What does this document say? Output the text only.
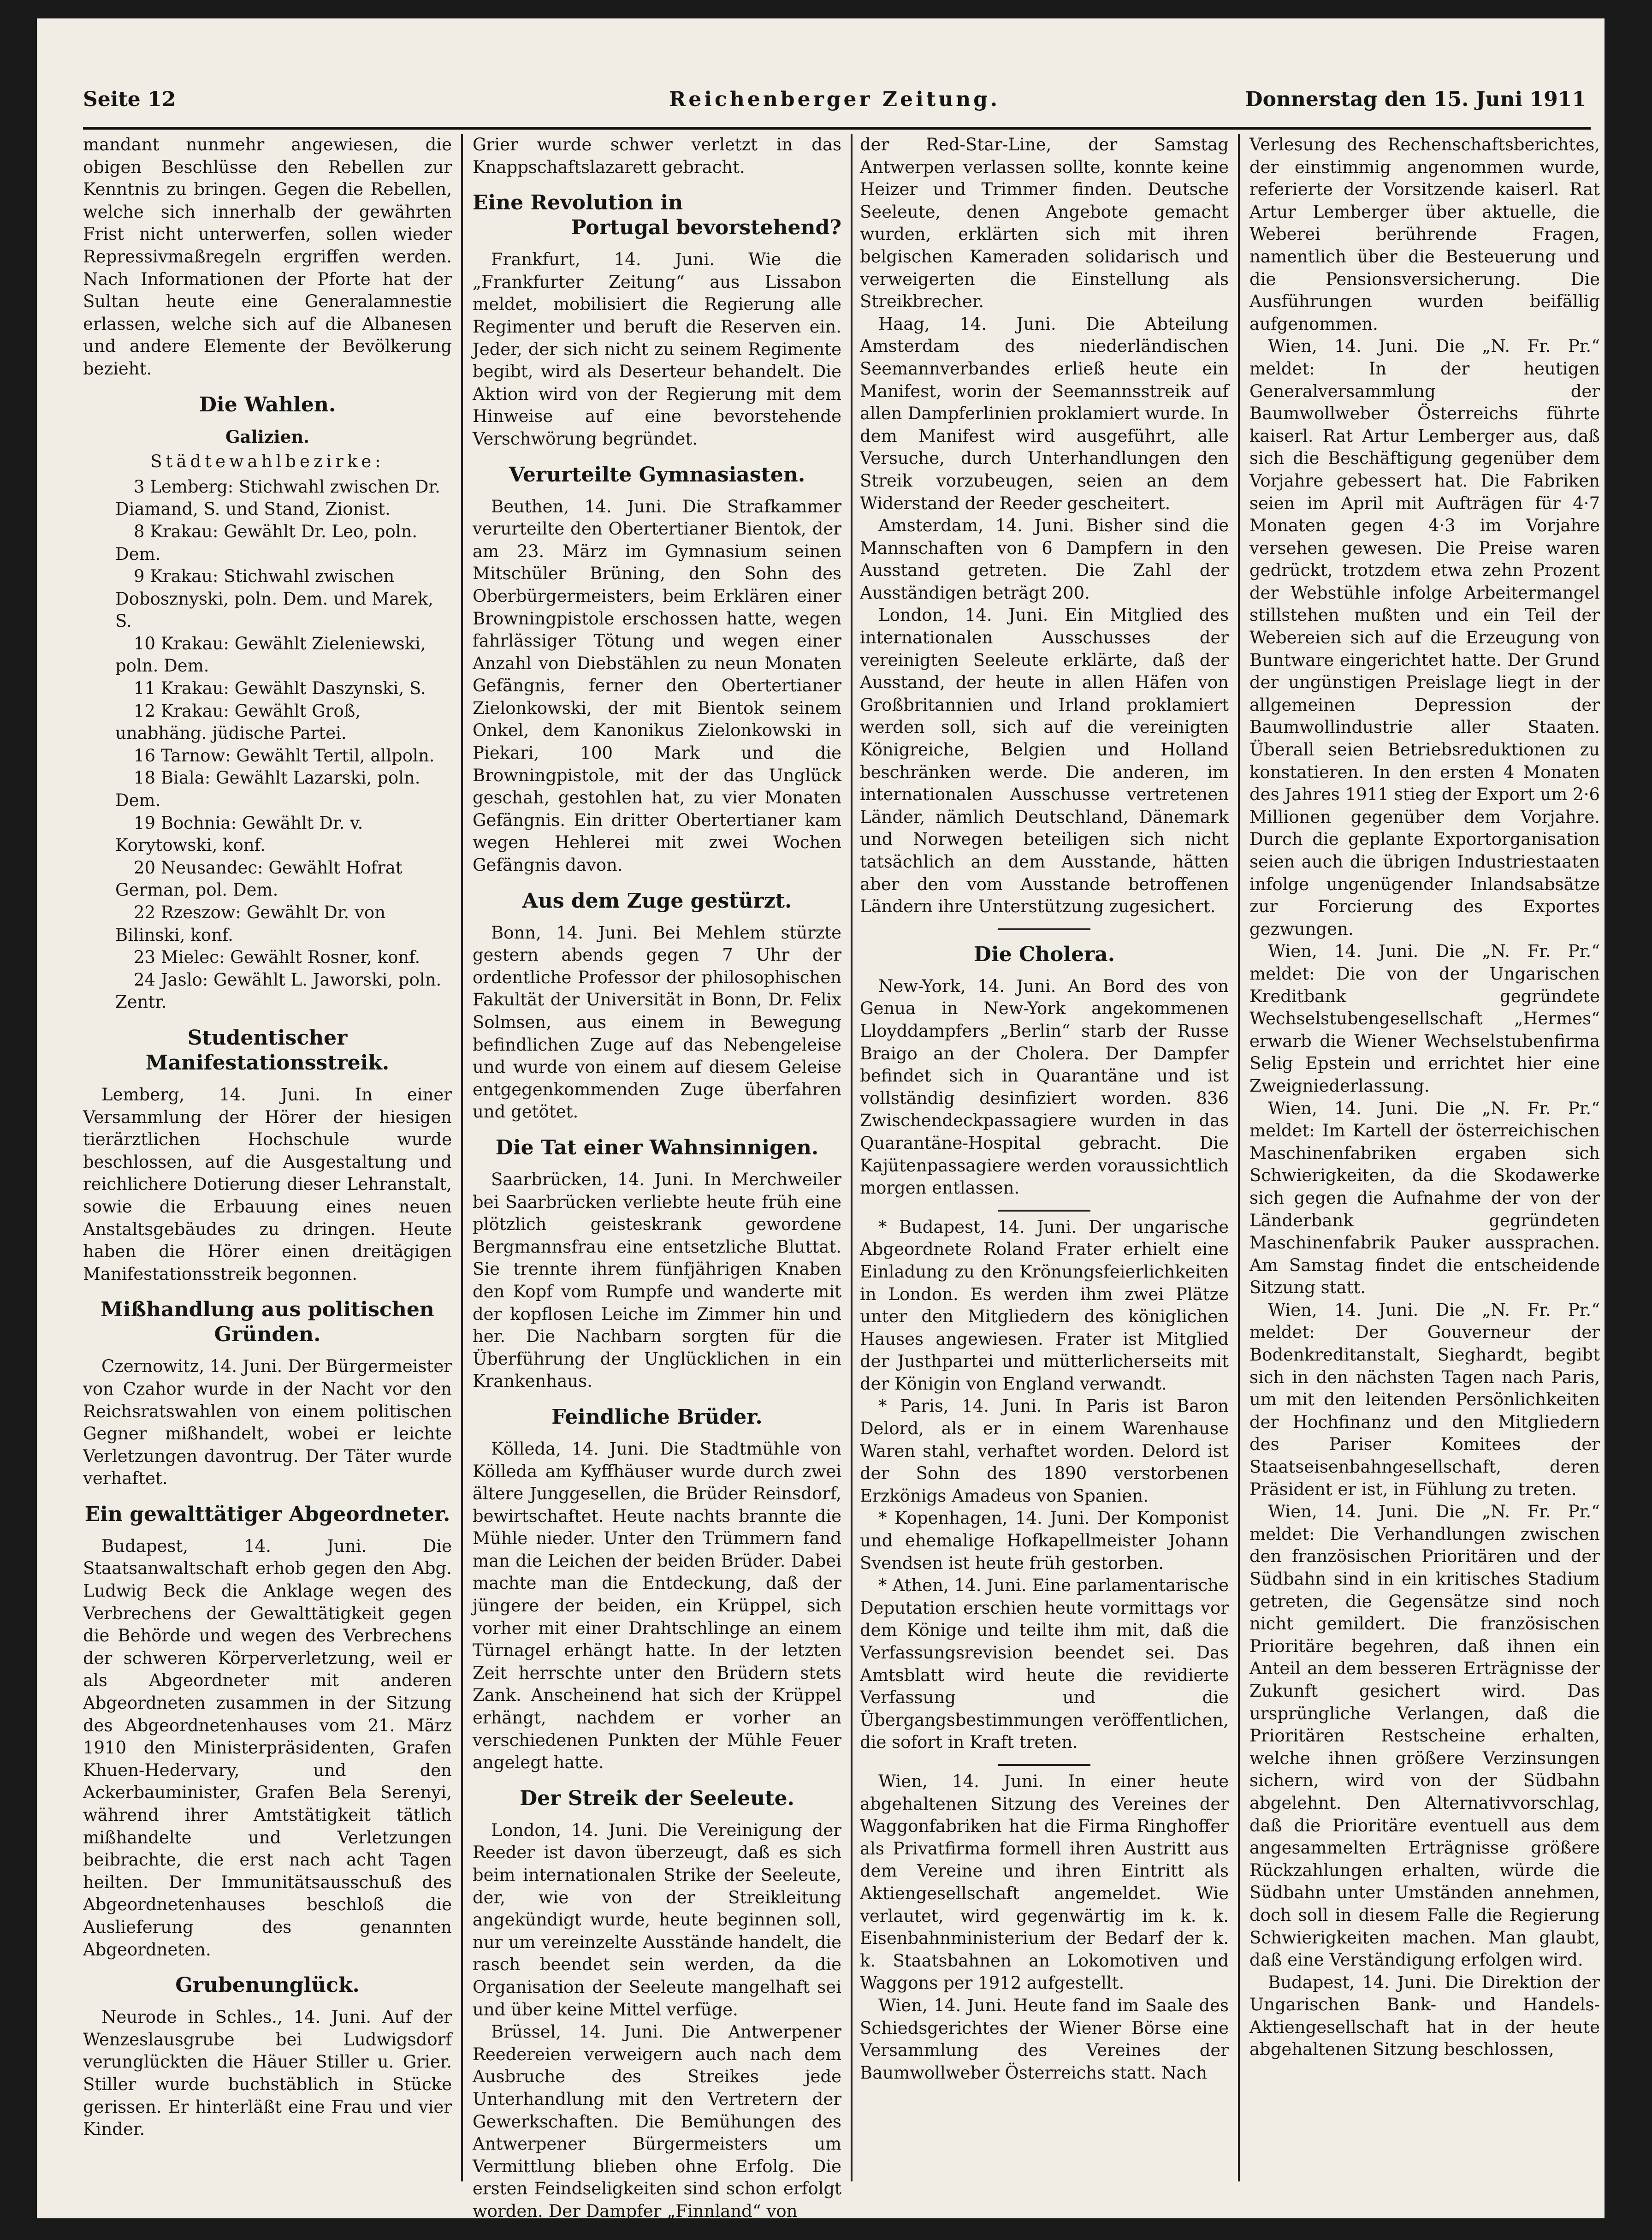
Seite 12	Reichenberger Zeitung.	Donnerstag den 15. Juni 1911

mandant nunmehr angewiesen, die obigen Beschlüsse den Rebellen zur Kenntnis zu bringen. Gegen die Rebellen, welche sich innerhalb der gewährten Frist nicht unterwerfen, sollen wieder Repressivmaßregeln ergriffen werden. Nach Informationen der Pforte hat der Sultan heute eine Generalamnestie erlassen, welche sich auf die Albanesen und andere Elemente der Bevölkerung bezieht.

Die Wahlen.
Galizien.
Städtewahlbezirke:

3 Lemberg: Stichwahl zwischen Dr. Diamand, S. und Stand, Zionist.

8 Krakau: Gewählt Dr. Leo, poln. Dem.

9 Krakau: Stichwahl zwischen Dobosznyski, poln. Dem. und Marek, S.

10 Krakau: Gewählt Zieleniewski, poln. Dem.

11 Krakau: Gewählt Daszynski, S.

12 Krakau: Gewählt Groß, unabhäng. jüdische Partei.

16 Tarnow: Gewählt Tertil, allpoln.

18 Biala: Gewählt Lazarski, poln. Dem.

19 Bochnia: Gewählt Dr. v. Korytowski, konf.

20 Neusandec: Gewählt Hofrat German, pol. Dem.

22 Rzeszow: Gewählt Dr. von Bilinski, konf.

23 Mielec: Gewählt Rosner, konf.

24 Jaslo: Gewählt L. Jaworski, poln. Zentr.

Studentischer Manifestationsstreik.

Lemberg, 14. Juni. In einer Versammlung der Hörer der hiesigen tierärztlichen Hochschule wurde beschlossen, auf die Ausgestaltung und reichlichere Dotierung dieser Lehranstalt, sowie die Erbauung eines neuen Anstaltsgebäudes zu dringen. Heute haben die Hörer einen dreitägigen Manifestationsstreik begonnen.

Mißhandlung aus politischen Gründen.

Czernowitz, 14. Juni. Der Bürgermeister von Czahor wurde in der Nacht vor den Reichsratswahlen von einem politischen Gegner mißhandelt, wobei er leichte Verletzungen davontrug. Der Täter wurde verhaftet.

Ein gewalttätiger Abgeordneter.

Budapest, 14. Juni. Die Staatsanwaltschaft erhob gegen den Abg. Ludwig Beck die Anklage wegen des Verbrechens der Gewalttätigkeit gegen die Behörde und wegen des Verbrechens der schweren Körperverletzung, weil er als Abgeordneter mit anderen Abgeordneten zusammen in der Sitzung des Abgeordnetenhauses vom 21. März 1910 den Ministerpräsidenten, Grafen Khuen-Hedervary, und den Ackerbauminister, Grafen Bela Serenyi, während ihrer Amtstätigkeit tätlich mißhandelte und Verletzungen beibrachte, die erst nach acht Tagen heilten. Der Immunitätsausschuß des Abgeordnetenhauses beschloß die Auslieferung des genannten Abgeordneten.

Grubenunglück.

Neurode in Schles., 14. Juni. Auf der Wenzeslausgrube bei Ludwigsdorf verunglückten die Häuer Stiller u. Grier. Stiller wurde buchstäblich in Stücke gerissen. Er hinterläßt eine Frau und vier Kinder.

Grier wurde schwer verletzt in das Knappschaftslazarett gebracht.

Eine Revolution in
Portugal bevorstehend?

Frankfurt, 14. Juni. Wie die „Frankfurter Zeitung“ aus Lissabon meldet, mobilisiert die Regierung alle Regimenter und beruft die Reserven ein. Jeder, der sich nicht zu seinem Regimente begibt, wird als Deserteur behandelt. Die Aktion wird von der Regierung mit dem Hinweise auf eine bevorstehende Verschwörung begründet.

Verurteilte Gymnasiasten.

Beuthen, 14. Juni. Die Strafkammer verurteilte den Obertertianer Bientok, der am 23. März im Gymnasium seinen Mitschüler Brüning, den Sohn des Oberbürgermeisters, beim Erklären einer Browningpistole erschossen hatte, wegen fahrlässiger Tötung und wegen einer Anzahl von Diebstählen zu neun Monaten Gefängnis, ferner den Obertertianer Zielonkowski, der mit Bientok seinem Onkel, dem Kanonikus Zielonkowski in Piekari, 100 Mark und die Browningpistole, mit der das Unglück geschah, gestohlen hat, zu vier Monaten Gefängnis. Ein dritter Obertertianer kam wegen Hehlerei mit zwei Wochen Gefängnis davon.

Aus dem Zuge gestürzt.

Bonn, 14. Juni. Bei Mehlem stürzte gestern abends gegen 7 Uhr der ordentliche Professor der philosophischen Fakultät der Universität in Bonn, Dr. Felix Solmsen, aus einem in Bewegung befindlichen Zuge auf das Nebengeleise und wurde von einem auf diesem Geleise entgegenkommenden Zuge überfahren und getötet.

Die Tat einer Wahnsinnigen.

Saarbrücken, 14. Juni. In Merchweiler bei Saarbrücken verliebte heute früh eine plötzlich geisteskrank gewordene Bergmannsfrau eine entsetzliche Bluttat. Sie trennte ihrem fünfjährigen Knaben den Kopf vom Rumpfe und wanderte mit der kopflosen Leiche im Zimmer hin und her. Die Nachbarn sorgten für die Überführung der Unglücklichen in ein Krankenhaus.

Feindliche Brüder.

Kölleda, 14. Juni. Die Stadtmühle von Kölleda am Kyffhäuser wurde durch zwei ältere Junggesellen, die Brüder Reinsdorf, bewirtschaftet. Heute nachts brannte die Mühle nieder. Unter den Trümmern fand man die Leichen der beiden Brüder. Dabei machte man die Entdeckung, daß der jüngere der beiden, ein Krüppel, sich vorher mit einer Drahtschlinge an einem Türnagel erhängt hatte. In der letzten Zeit herrschte unter den Brüdern stets Zank. Anscheinend hat sich der Krüppel erhängt, nachdem er vorher an verschiedenen Punkten der Mühle Feuer angelegt hatte.

Der Streik der Seeleute.

London, 14. Juni. Die Vereinigung der Reeder ist davon überzeugt, daß es sich beim internationalen Strike der Seeleute, der, wie von der Streikleitung angekündigt wurde, heute beginnen soll, nur um vereinzelte Ausstände handelt, die rasch beendet sein werden, da die Organisation der Seeleute mangelhaft sei und über keine Mittel verfüge.

Brüssel, 14. Juni. Die Antwerpener Reedereien verweigern auch nach dem Ausbruche des Streikes jede Unterhandlung mit den Vertretern der Gewerkschaften. Die Bemühungen des Antwerpener Bürgermeisters um Vermittlung blieben ohne Erfolg. Die ersten Feindseligkeiten sind schon erfolgt worden. Der Dampfer „Finnland“ von

der Red-Star-Line, der Samstag Antwerpen verlassen sollte, konnte keine Heizer und Trimmer finden. Deutsche Seeleute, denen Angebote gemacht wurden, erklärten sich mit ihren belgischen Kameraden solidarisch und verweigerten die Einstellung als Streikbrecher.

Haag, 14. Juni. Die Abteilung Amsterdam des niederländischen Seemannverbandes erließ heute ein Manifest, worin der Seemannsstreik auf allen Dampferlinien proklamiert wurde. In dem Manifest wird ausgeführt, alle Versuche, durch Unterhandlungen den Streik vorzubeugen, seien an dem Widerstand der Reeder gescheitert.

Amsterdam, 14. Juni. Bisher sind die Mannschaften von 6 Dampfern in den Ausstand getreten. Die Zahl der Ausständigen beträgt 200.

London, 14. Juni. Ein Mitglied des internationalen Ausschusses der vereinigten Seeleute erklärte, daß der Ausstand, der heute in allen Häfen von Großbritannien und Irland proklamiert werden soll, sich auf die vereinigten Königreiche, Belgien und Holland beschränken werde. Die anderen, im internationalen Ausschusse vertretenen Länder, nämlich Deutschland, Dänemark und Norwegen beteiligen sich nicht tatsächlich an dem Ausstande, hätten aber den vom Ausstande betroffenen Ländern ihre Unterstützung zugesichert.

Die Cholera.

New-York, 14. Juni. An Bord des von Genua in New-York angekommenen Lloyddampfers „Berlin“ starb der Russe Braigo an der Cholera. Der Dampfer befindet sich in Quarantäne und ist vollständig desinfiziert worden. 836 Zwischendeckpassagiere wurden in das Quarantäne-Hospital gebracht. Die Kajütenpassagiere werden voraussichtlich morgen entlassen.

* Budapest, 14. Juni. Der ungarische Abgeordnete Roland Frater erhielt eine Einladung zu den Krönungsfeierlichkeiten in London. Es werden ihm zwei Plätze unter den Mitgliedern des königlichen Hauses angewiesen. Frater ist Mitglied der Justhpartei und mütterlicherseits mit der Königin von England verwandt.

* Paris, 14. Juni. In Paris ist Baron Delord, als er in einem Warenhause Waren stahl, verhaftet worden. Delord ist der Sohn des 1890 verstorbenen Erzkönigs Amadeus von Spanien.

* Kopenhagen, 14. Juni. Der Komponist und ehemalige Hofkapellmeister Johann Svendsen ist heute früh gestorben.

* Athen, 14. Juni. Eine parlamentarische Deputation erschien heute vormittags vor dem Könige und teilte ihm mit, daß die Verfassungsrevision beendet sei. Das Amtsblatt wird heute die revidierte Verfassung und die Übergangsbestimmungen veröffentlichen, die sofort in Kraft treten.

Wien, 14. Juni. In einer heute abgehaltenen Sitzung des Vereines der Waggonfabriken hat die Firma Ringhoffer als Privatfirma formell ihren Austritt aus dem Vereine und ihren Eintritt als Aktiengesellschaft angemeldet. Wie verlautet, wird gegenwärtig im k. k. Eisenbahnministerium der Bedarf der k. k. Staatsbahnen an Lokomotiven und Waggons per 1912 aufgestellt.

Wien, 14. Juni. Heute fand im Saale des Schiedsgerichtes der Wiener Börse eine Versammlung des Vereines der Baumwollweber Österreichs statt. Nach

Verlesung des Rechenschaftsberichtes, der einstimmig angenommen wurde, referierte der Vorsitzende kaiserl. Rat Artur Lemberger über aktuelle, die Weberei berührende Fragen, namentlich über die Besteuerung und die Pensionsversicherung. Die Ausführungen wurden beifällig aufgenommen.

Wien, 14. Juni. Die „N. Fr. Pr.“ meldet: In der heutigen Generalversammlung der Baumwollweber Österreichs führte kaiserl. Rat Artur Lemberger aus, daß sich die Beschäftigung gegenüber dem Vorjahre gebessert hat. Die Fabriken seien im April mit Aufträgen für 4·7 Monaten gegen 4·3 im Vorjahre versehen gewesen. Die Preise waren gedrückt, trotzdem etwa zehn Prozent der Webstühle infolge Arbeitermangel stillstehen mußten und ein Teil der Webereien sich auf die Erzeugung von Buntware eingerichtet hatte. Der Grund der ungünstigen Preislage liegt in der allgemeinen Depression der Baumwollindustrie aller Staaten. Überall seien Betriebsreduktionen zu konstatieren. In den ersten 4 Monaten des Jahres 1911 stieg der Export um 2·6 Millionen gegenüber dem Vorjahre. Durch die geplante Exportorganisation seien auch die übrigen Industriestaaten infolge ungenügender Inlandsabsätze zur Forcierung des Exportes gezwungen.

Wien, 14. Juni. Die „N. Fr. Pr.“ meldet: Die von der Ungarischen Kreditbank gegründete Wechselstubengesellschaft „Hermes“ erwarb die Wiener Wechselstubenfirma Selig Epstein und errichtet hier eine Zweigniederlassung.

Wien, 14. Juni. Die „N. Fr. Pr.“ meldet: Im Kartell der österreichischen Maschinenfabriken ergaben sich Schwierigkeiten, da die Skodawerke sich gegen die Aufnahme der von der Länderbank gegründeten Maschinenfabrik Pauker aussprachen. Am Samstag findet die entscheidende Sitzung statt.

Wien, 14. Juni. Die „N. Fr. Pr.“ meldet: Der Gouverneur der Bodenkreditanstalt, Sieghardt, begibt sich in den nächsten Tagen nach Paris, um mit den leitenden Persönlichkeiten der Hochfinanz und den Mitgliedern des Pariser Komitees der Staatseisenbahngesellschaft, deren Präsident er ist, in Fühlung zu treten.

Wien, 14. Juni. Die „N. Fr. Pr.“ meldet: Die Verhandlungen zwischen den französischen Prioritären und der Südbahn sind in ein kritisches Stadium getreten, die Gegensätze sind noch nicht gemildert. Die französischen Prioritäre begehren, daß ihnen ein Anteil an dem besseren Erträgnisse der Zukunft gesichert wird. Das ursprüngliche Verlangen, daß die Prioritären Restscheine erhalten, welche ihnen größere Verzinsungen sichern, wird von der Südbahn abgelehnt. Den Alternativvorschlag, daß die Prioritäre eventuell aus dem angesammelten Erträgnisse größere Rückzahlungen erhalten, würde die Südbahn unter Umständen annehmen, doch soll in diesem Falle die Regierung Schwierigkeiten machen. Man glaubt, daß eine Verständigung erfolgen wird.

Budapest, 14. Juni. Die Direktion der Ungarischen Bank- und Handels-Aktiengesellschaft hat in der heute abgehaltenen Sitzung beschlossen,
